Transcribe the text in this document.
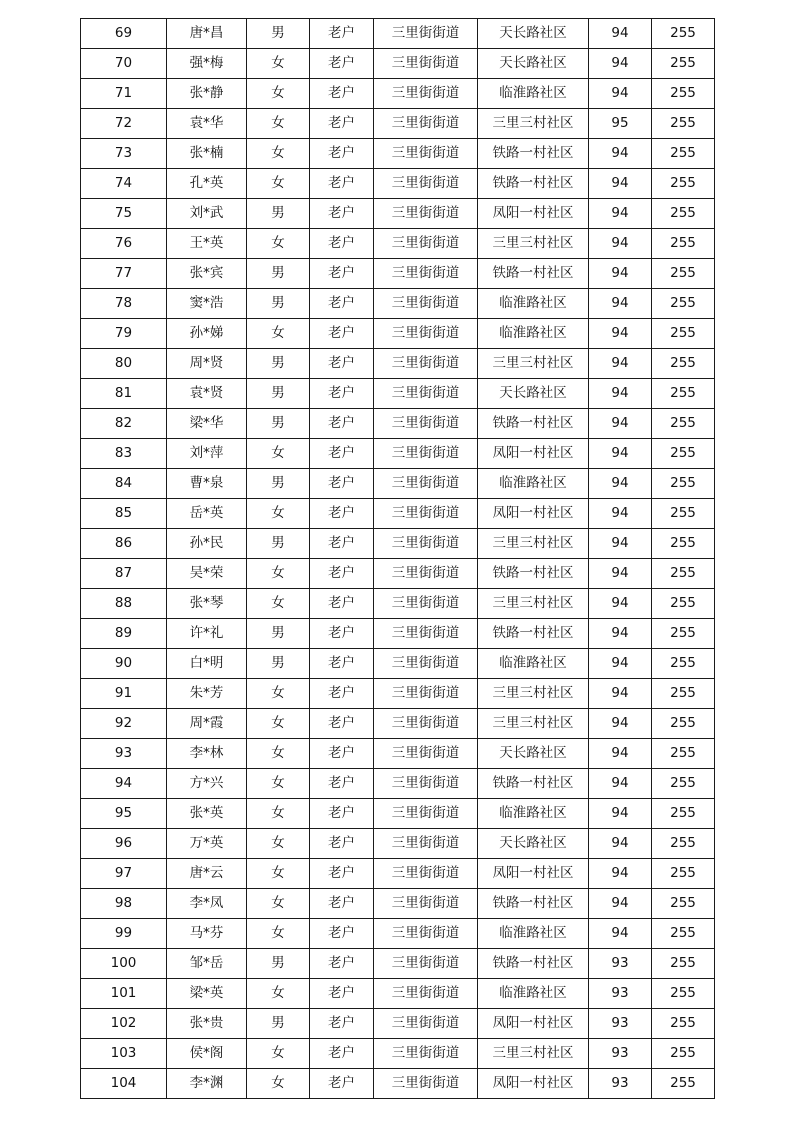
69	唐*昌	男	老户	三里街街道	天长路社区	94	255
70	强*梅	女	老户	三里街街道	天长路社区	94	255
71	张*静	女	老户	三里街街道	临淮路社区	94	255
72	袁*华	女	老户	三里街街道	三里三村社区	95	255
73	张*楠	女	老户	三里街街道	铁路一村社区	94	255
74	孔*英	女	老户	三里街街道	铁路一村社区	94	255
75	刘*武	男	老户	三里街街道	凤阳一村社区	94	255
76	王*英	女	老户	三里街街道	三里三村社区	94	255
77	张*宾	男	老户	三里街街道	铁路一村社区	94	255
78	窦*浩	男	老户	三里街街道	临淮路社区	94	255
79	孙*娣	女	老户	三里街街道	临淮路社区	94	255
80	周*贤	男	老户	三里街街道	三里三村社区	94	255
81	袁*贤	男	老户	三里街街道	天长路社区	94	255
82	梁*华	男	老户	三里街街道	铁路一村社区	94	255
83	刘*萍	女	老户	三里街街道	凤阳一村社区	94	255
84	曹*泉	男	老户	三里街街道	临淮路社区	94	255
85	岳*英	女	老户	三里街街道	凤阳一村社区	94	255
86	孙*民	男	老户	三里街街道	三里三村社区	94	255
87	吴*荣	女	老户	三里街街道	铁路一村社区	94	255
88	张*琴	女	老户	三里街街道	三里三村社区	94	255
89	许*礼	男	老户	三里街街道	铁路一村社区	94	255
90	白*明	男	老户	三里街街道	临淮路社区	94	255
91	朱*芳	女	老户	三里街街道	三里三村社区	94	255
92	周*霞	女	老户	三里街街道	三里三村社区	94	255
93	李*林	女	老户	三里街街道	天长路社区	94	255
94	方*兴	女	老户	三里街街道	铁路一村社区	94	255
95	张*英	女	老户	三里街街道	临淮路社区	94	255
96	万*英	女	老户	三里街街道	天长路社区	94	255
97	唐*云	女	老户	三里街街道	凤阳一村社区	94	255
98	李*凤	女	老户	三里街街道	铁路一村社区	94	255
99	马*芬	女	老户	三里街街道	临淮路社区	94	255
100	邹*岳	男	老户	三里街街道	铁路一村社区	93	255
101	梁*英	女	老户	三里街街道	临淮路社区	93	255
102	张*贵	男	老户	三里街街道	凤阳一村社区	93	255
103	侯*阁	女	老户	三里街街道	三里三村社区	93	255
104	李*渊	女	老户	三里街街道	凤阳一村社区	93	255
